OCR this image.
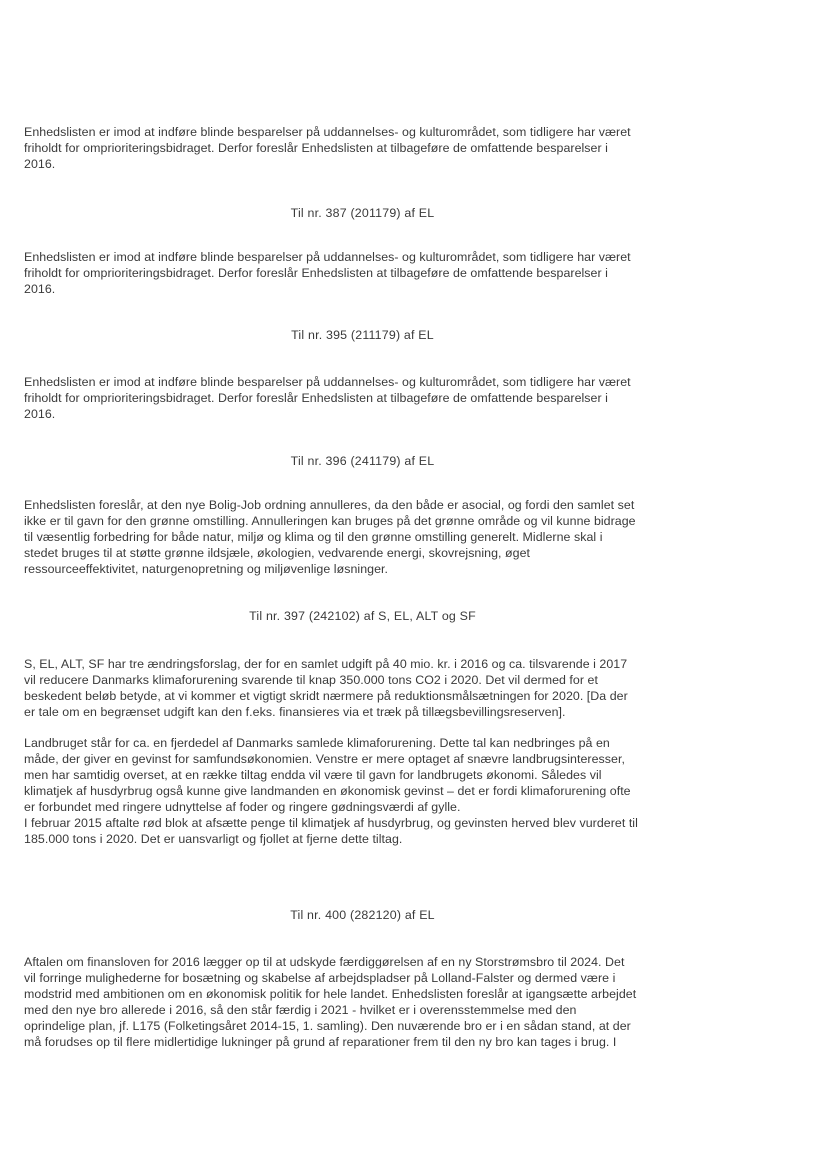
Enhedslisten er imod at indføre blinde besparelser på uddannelses- og kulturområdet, som tidligere har været
friholdt for omprioriteringsbidraget. Derfor foreslår Enhedslisten at tilbageføre de omfattende besparelser i
2016.

Til nr. 387 (201179) af EL

Enhedslisten er imod at indføre blinde besparelser på uddannelses- og kulturområdet, som tidligere har været
friholdt for omprioriteringsbidraget. Derfor foreslår Enhedslisten at tilbageføre de omfattende besparelser i
2016.

Til nr. 395 (211179) af EL

Enhedslisten er imod at indføre blinde besparelser på uddannelses- og kulturområdet, som tidligere har været
friholdt for omprioriteringsbidraget. Derfor foreslår Enhedslisten at tilbageføre de omfattende besparelser i
2016.

Til nr. 396 (241179) af EL

Enhedslisten foreslår, at den nye Bolig-Job ordning annulleres, da den både er asocial, og fordi den samlet set
ikke er til gavn for den grønne omstilling. Annulleringen kan bruges på det grønne område og vil kunne bidrage
til væsentlig forbedring for både natur, miljø og klima og til den grønne omstilling generelt. Midlerne skal i
stedet bruges til at støtte grønne ildsjæle, økologien, vedvarende energi, skovrejsning, øget
ressourceeffektivitet, naturgenopretning og miljøvenlige løsninger.

Til nr. 397 (242102) af S, EL, ALT og SF

S, EL, ALT, SF har tre ændringsforslag, der for en samlet udgift på 40 mio. kr. i 2016 og ca. tilsvarende i 2017
vil reducere Danmarks klimaforurening svarende til knap 350.000 tons CO2 i 2020. Det vil dermed for et
beskedent beløb betyde, at vi kommer et vigtigt skridt nærmere på reduktionsmålsætningen for 2020. [Da der
er tale om en begrænset udgift kan den f.eks. finansieres via et træk på tillægsbevillingsreserven].

Landbruget står for ca. en fjerdedel af Danmarks samlede klimaforurening. Dette tal kan nedbringes på en
måde, der giver en gevinst for samfundsøkonomien. Venstre er mere optaget af snævre landbrugsinteresser,
men har samtidig overset, at en række tiltag endda vil være til gavn for landbrugets økonomi. Således vil
klimatjek af husdyrbrug også kunne give landmanden en økonomisk gevinst – det er fordi klimaforurening ofte
er forbundet med ringere udnyttelse af foder og ringere gødningsværdi af gylle.
I februar 2015 aftalte rød blok at afsætte penge til klimatjek af husdyrbrug, og gevinsten herved blev vurderet til
185.000 tons i 2020. Det er uansvarligt og fjollet at fjerne dette tiltag.

Til nr. 400 (282120) af EL

Aftalen om finansloven for 2016 lægger op til at udskyde færdiggørelsen af en ny Storstrømsbro til 2024. Det
vil forringe mulighederne for bosætning og skabelse af arbejdspladser på Lolland-Falster og dermed være i
modstrid med ambitionen om en økonomisk politik for hele landet. Enhedslisten foreslår at igangsætte arbejdet
med den nye bro allerede i 2016, så den står færdig i 2021 - hvilket er i overensstemmelse med den
oprindelige plan, jf. L175 (Folketingsåret 2014-15, 1. samling). Den nuværende bro er i en sådan stand, at der
må forudses op til flere midlertidige lukninger på grund af reparationer frem til den ny bro kan tages i brug. I
